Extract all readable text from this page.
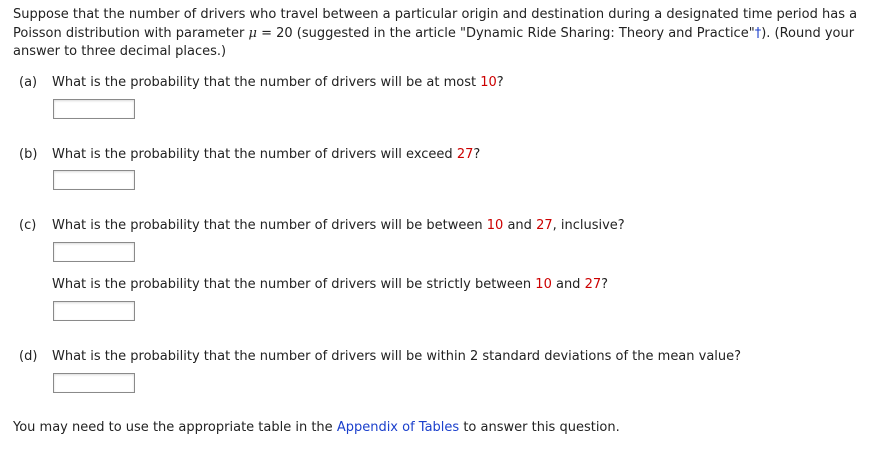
Suppose that the number of drivers who travel between a particular origin and destination during a designated time period has a Poisson distribution with parameter μ = 20 (suggested in the article "Dynamic Ride Sharing: Theory and Practice"†). (Round your answer to three decimal places.)
(a) What is the probability that the number of drivers will be at most 10?
(b) What is the probability that the number of drivers will exceed 27?
(c) What is the probability that the number of drivers will be between 10 and 27, inclusive?
What is the probability that the number of drivers will be strictly between 10 and 27?
(d) What is the probability that the number of drivers will be within 2 standard deviations of the mean value?
You may need to use the appropriate table in the Appendix of Tables to answer this question.
